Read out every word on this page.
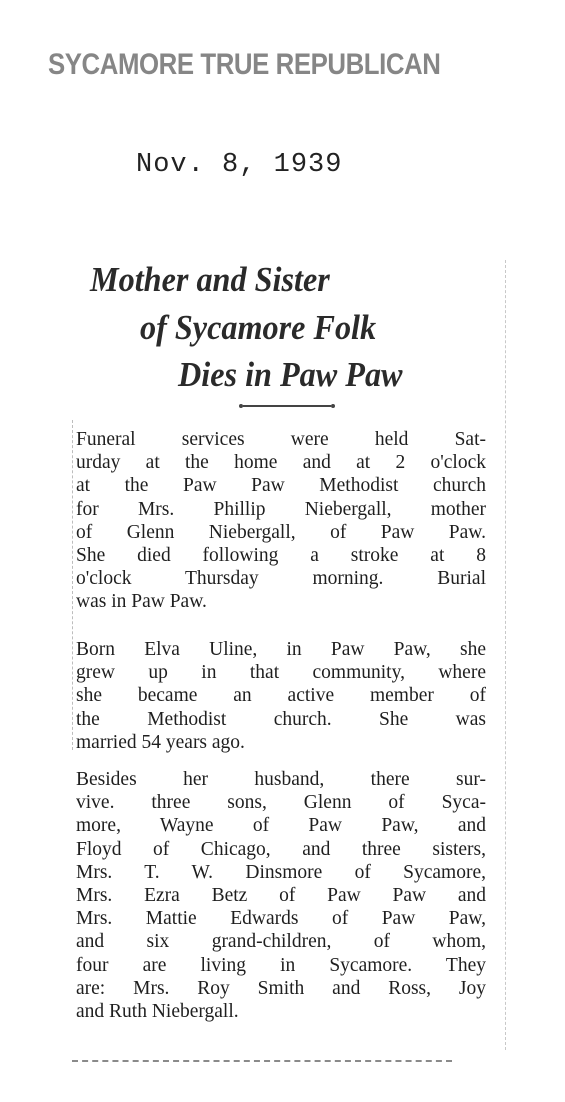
SYCAMORE TRUE REPUBLICAN
Nov. 8, 1939
Mother and Sister
of Sycamore Folk
Dies in Paw Paw
Funeral services were held Sat-
urday at the home and at 2 o'clock
at the Paw Paw Methodist church
for Mrs. Phillip Niebergall, mother
of Glenn Niebergall, of Paw Paw.
She died following a stroke at 8
o'clock Thursday morning. Burial
was in Paw Paw.
Born Elva Uline, in Paw Paw, she
grew up in that community, where
she became an active member of
the Methodist church. She was
married 54 years ago.
Besides her husband, there sur-
vive. three sons, Glenn of Syca-
more, Wayne of Paw Paw, and
Floyd of Chicago, and three sisters,
Mrs. T. W. Dinsmore of Sycamore,
Mrs. Ezra Betz of Paw Paw and
Mrs. Mattie Edwards of Paw Paw,
and six grand-children, of whom,
four are living in Sycamore. They
are: Mrs. Roy Smith and Ross, Joy
and Ruth Niebergall.
